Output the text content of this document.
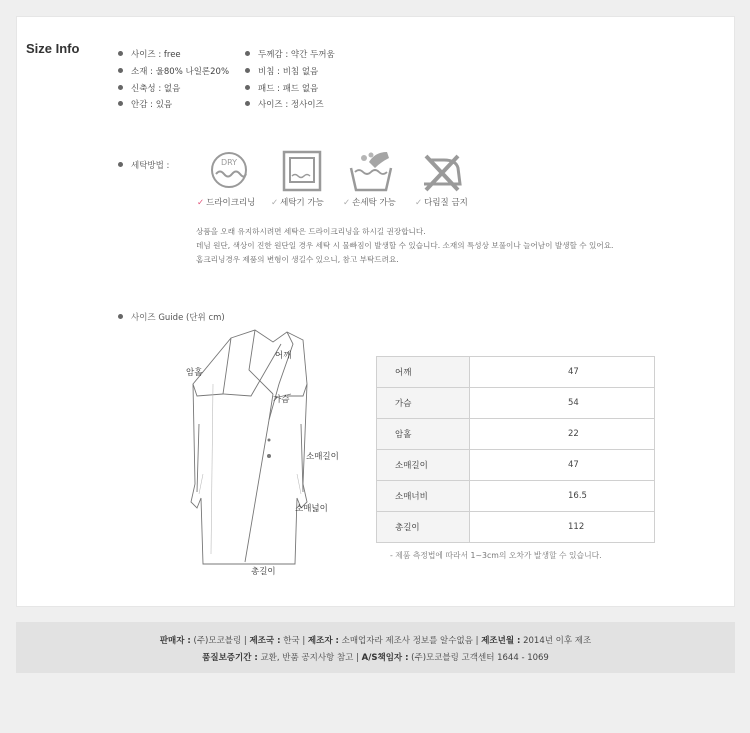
Size Info	사이즈 : free
소재 : 울80% 나일론20%
신축성 : 없음
안감 : 있음
두께감 : 약간 두꺼움
비침 : 비침 없음
패드 : 패드 없음
사이즈 : 정사이즈
세탁방법 :	DRY
✓ 드라이크리닝 ✓ 세탁기 가능 ✓ 손세탁 가능 ✓ 다림질 금지
상품을 오래 유지하시려면 세탁은 드라이크리닝을 하시길 권장합니다.
데님 원단, 색상이 진한 원단일 경우 세탁 시 물빠짐이 발생할 수 있습니다. 소재의 특성상 보풀이나 늘어남이 발생할 수 있어요.
홈크리닝경우 제품의 변형이 생길수 있으니, 참고 부탁드려요.
사이즈 Guide (단위 cm)
어깨
암홀
가슴
소매길이
소매넓이
총길이
어깨	47
가슴	54
암홀	22
소매길이	47
소매너비	16.5
총길이	112
- 제품 측정법에 따라서 1~3cm의 오차가 발생할 수 있습니다.
판매자 : (주)모코블링 | 제조국 : 한국 | 제조자 : 소매업자라 제조사 정보를 알수없음 | 제조년월 : 2014년 이후 제조
품질보증기간 : 교환, 반품 공지사항 참고 | A/S책임자 : (주)모코블링 고객센터 1644 - 1069
